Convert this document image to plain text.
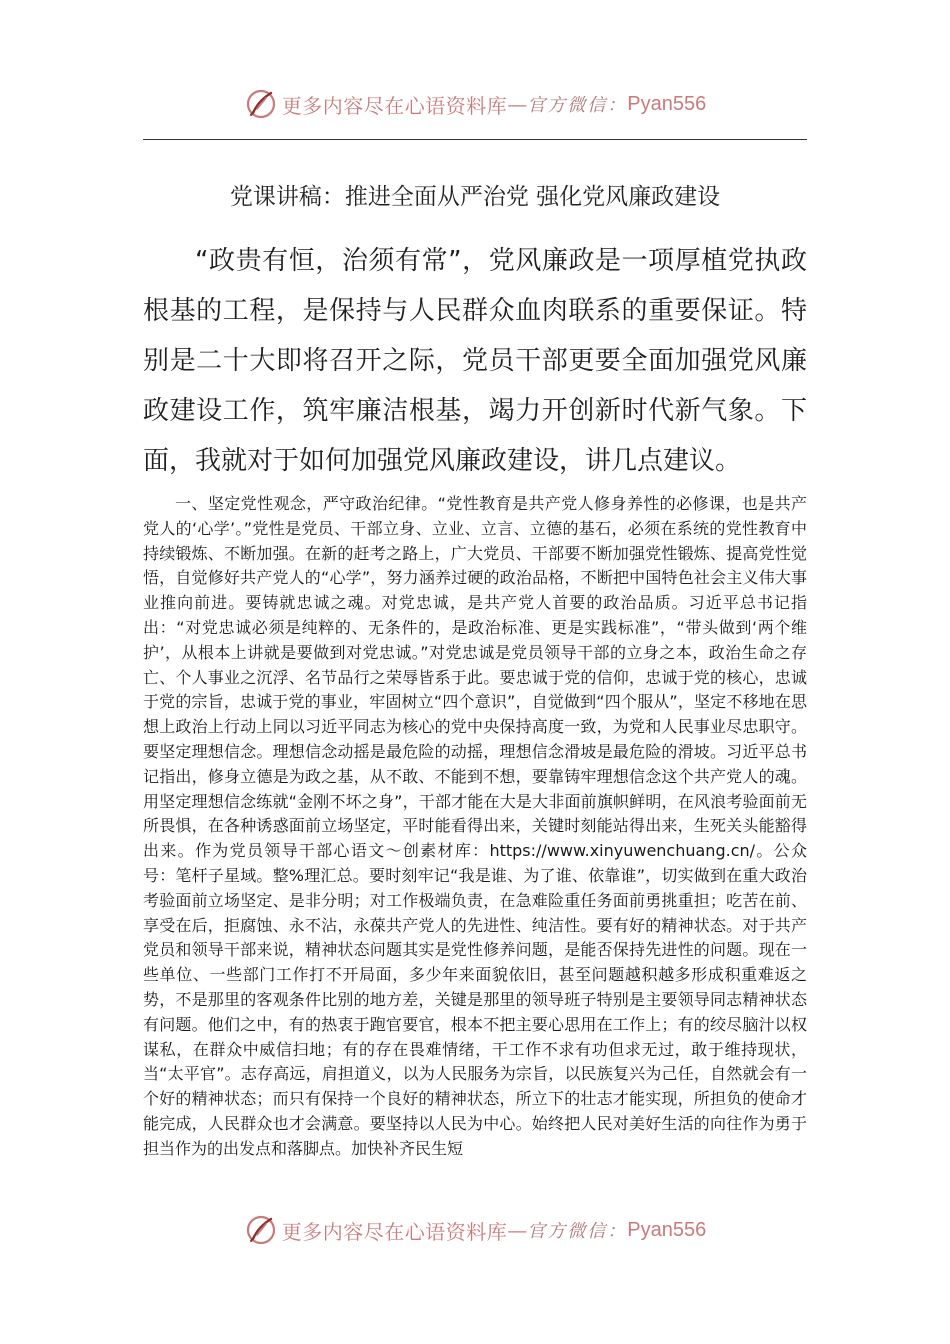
更多内容尽在心语资料库 — 官方微信： Pyan556
党课讲稿：推进全面从严治党 强化党风廉政建设

“政贵有恒，治须有常”，党风廉政是一项厚植党执政根基的工程，是保持与人民群众血肉联系的重要保证。特别是二十大即将召开之际，党员干部更要全面加强党风廉政建设工作，筑牢廉洁根基，竭力开创新时代新气象。下面，我就对于如何加强党风廉政建设，讲几点建议。

一、坚定党性观念，严守政治纪律。“党性教育是共产党人修身养性的必修课，也是共产党人的‘心学’。”党性是党员、干部立身、立业、立言、立德的基石，必须在系统的党性教育中持续锻炼、不断加强。在新的赶考之路上，广大党员、干部要不断加强党性锻炼、提高党性觉悟，自觉修好共产党人的“心学”，努力涵养过硬的政治品格，不断把中国特色社会主义伟大事业推向前进。要铸就忠诚之魂。对党忠诚，是共产党人首要的政治品质。习近平总书记指出：“对党忠诚必须是纯粹的、无条件的，是政治标准、更是实践标准”，“带头做到‘两个维护’，从根本上讲就是要做到对党忠诚。”对党忠诚是党员领导干部的立身之本，政治生命之存亡、个人事业之沉浮、名节品行之荣辱皆系于此。要忠诚于党的信仰，忠诚于党的核心，忠诚于党的宗旨，忠诚于党的事业，牢固树立“四个意识”，自觉做到“四个服从”，坚定不移地在思想上政治上行动上同以习近平同志为核心的党中央保持高度一致，为党和人民事业尽忠职守。要坚定理想信念。理想信念动摇是最危险的动摇，理想信念滑坡是最危险的滑坡。习近平总书记指出，修身立德是为政之基，从不敢、不能到不想，要靠铸牢理想信念这个共产党人的魂。用坚定理想信念练就“金刚不坏之身”，干部才能在大是大非面前旗帜鲜明，在风浪考验面前无所畏惧，在各种诱惑面前立场坚定，平时能看得出来，关键时刻能站得出来，生死关头能豁得出来。作为党员领导干部心语文～创素材库：https://www.xinyuwenchuang.cn/。公众号：笔杆子星域。整%理汇总。要时刻牢记“我是谁、为了谁、依靠谁”，切实做到在重大政治考验面前立场坚定、是非分明；对工作极端负责，在急难险重任务面前勇挑重担；吃苦在前、享受在后，拒腐蚀、永不沾，永葆共产党人的先进性、纯洁性。要有好的精神状态。对于共产党员和领导干部来说，精神状态问题其实是党性修养问题，是能否保持先进性的问题。现在一些单位、一些部门工作打不开局面，多少年来面貌依旧，甚至问题越积越多形成积重难返之势，不是那里的客观条件比别的地方差，关键是那里的领导班子特别是主要领导同志精神状态有问题。他们之中，有的热衷于跑官要官，根本不把主要心思用在工作上；有的绞尽脑汁以权谋私，在群众中威信扫地；有的存在畏难情绪，干工作不求有功但求无过，敢于维持现状，当“太平官”。志存高远，肩担道义，以为人民服务为宗旨，以民族复兴为己任，自然就会有一个好的精神状态；而只有保持一个良好的精神状态，所立下的壮志才能实现，所担负的使命才能完成，人民群众也才会满意。要坚持以人民为中心。始终把人民对美好生活的向往作为勇于担当作为的出发点和落脚点。加快补齐民生短

更多内容尽在心语资料库 — 官方微信： Pyan556
